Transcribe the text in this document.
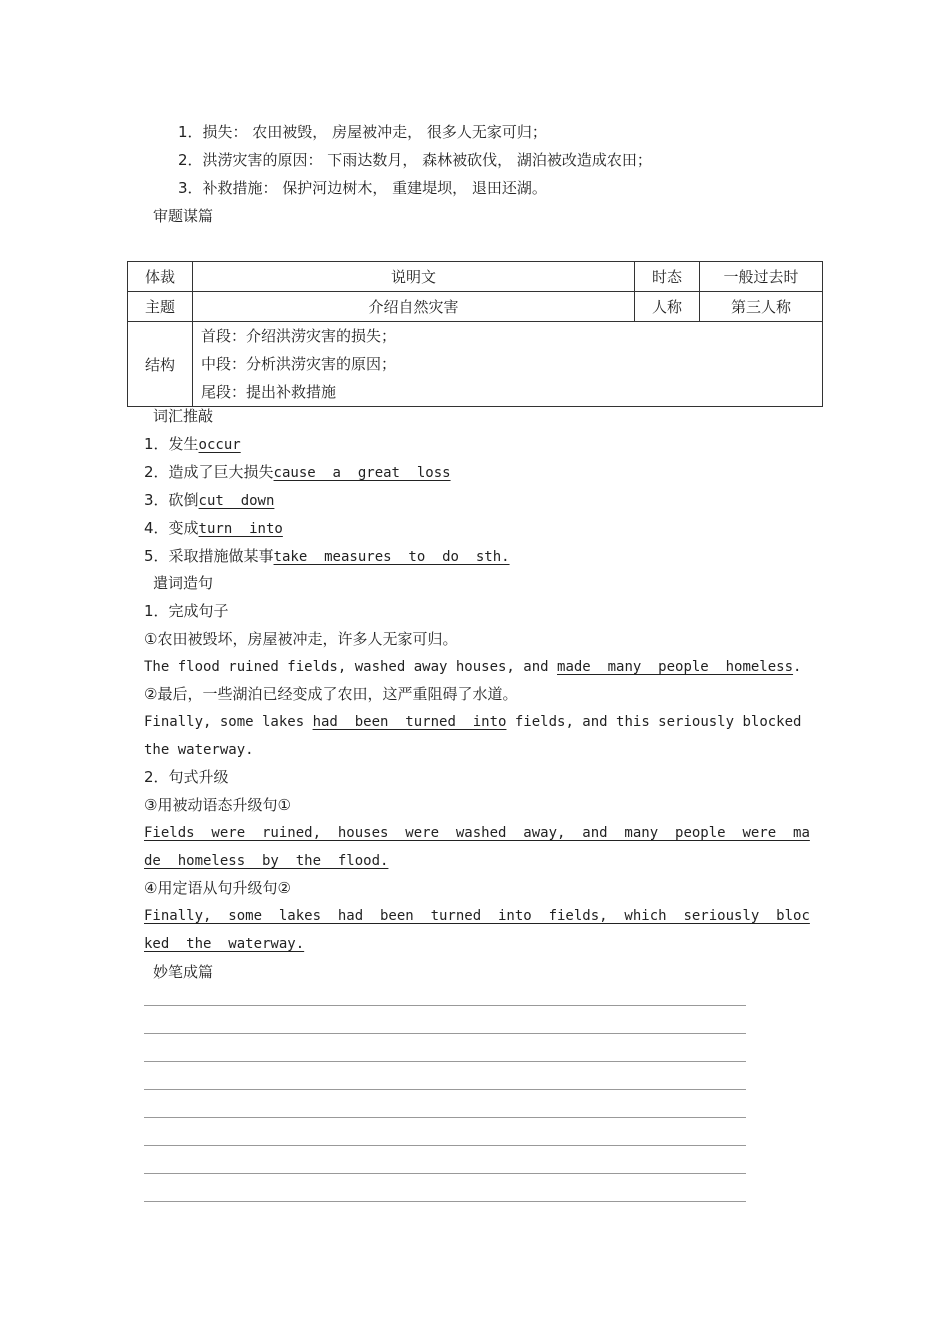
1．损失： 农田被毁， 房屋被冲走， 很多人无家可归；
2．洪涝灾害的原因： 下雨达数月， 森林被砍伐， 湖泊被改造成农田；
3．补救措施： 保护河边树木， 重建堤坝， 退田还湖。
审题谋篇
体裁	说明文	时态	一般过去时
主题	介绍自然灾害	人称	第三人称
结构	首段：介绍洪涝灾害的损失；
中段：分析洪涝灾害的原因；
尾段：提出补救措施		
词汇推敲
1．发生occur
2．造成了巨大损失cause  a  great  loss
3．砍倒cut  down
4．变成turn  into
5．采取措施做某事take  measures  to  do  sth.
遣词造句
1．完成句子
①农田被毁坏，房屋被冲走，许多人无家可归。
The flood ruined fields, washed away houses, and made  many  people  homeless.
②最后，一些湖泊已经变成了农田，这严重阻碍了水道。
Finally, some lakes had  been  turned  into fields, and this seriously blocked
the waterway.
2．句式升级
③用被动语态升级句①
Fields  were  ruined,  houses  were  washed  away,  and  many  people  were  ma
de  homeless  by  the  flood.
④用定语从句升级句②
Finally,  some  lakes  had  been  turned  into  fields,  which  seriously  bloc
ked  the  waterway.
妙笔成篇
